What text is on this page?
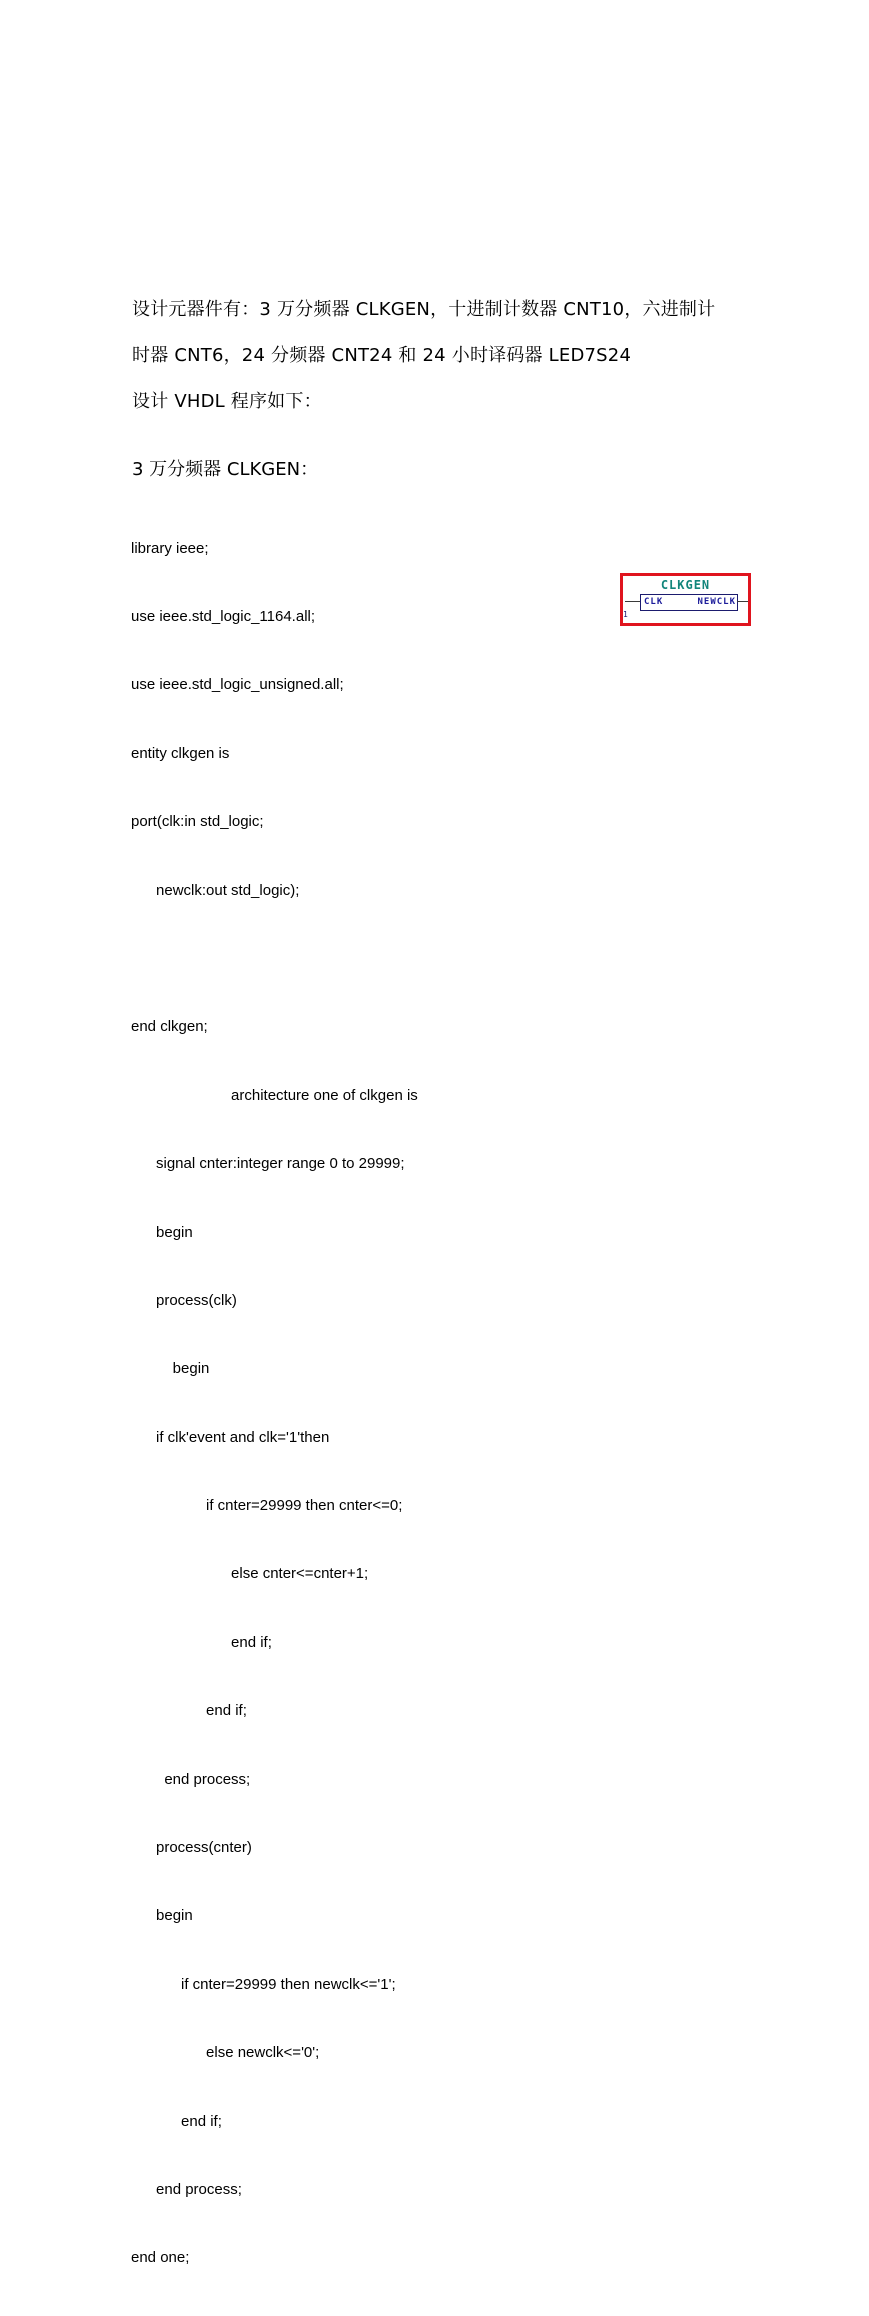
设计元器件有：3 万分频器 CLKGEN，十进制计数器 CNT10，六进制计
时器 CNT6，24 分频器 CNT24 和 24 小时译码器 LED7S24
设计 VHDL 程序如下：
3 万分频器 CLKGEN：

library ieee;

use ieee.std_logic_1164.all;

use ieee.std_logic_unsigned.all;

entity clkgen is

port(clk:in std_logic;

newclk:out std_logic);

end clkgen;

architecture one of clkgen is

signal cnter:integer range 0 to 29999;

begin

process(clk)

begin

if clk'event and clk='1'then

if cnter=29999 then cnter<=0;

else cnter<=cnter+1;

end if;

end if;

end process;

process(cnter)

begin

if cnter=29999 then newclk<='1';

else newclk<='0';

end if;

end process;

end one;

CLKGEN
CLK	NEWCLK
1
